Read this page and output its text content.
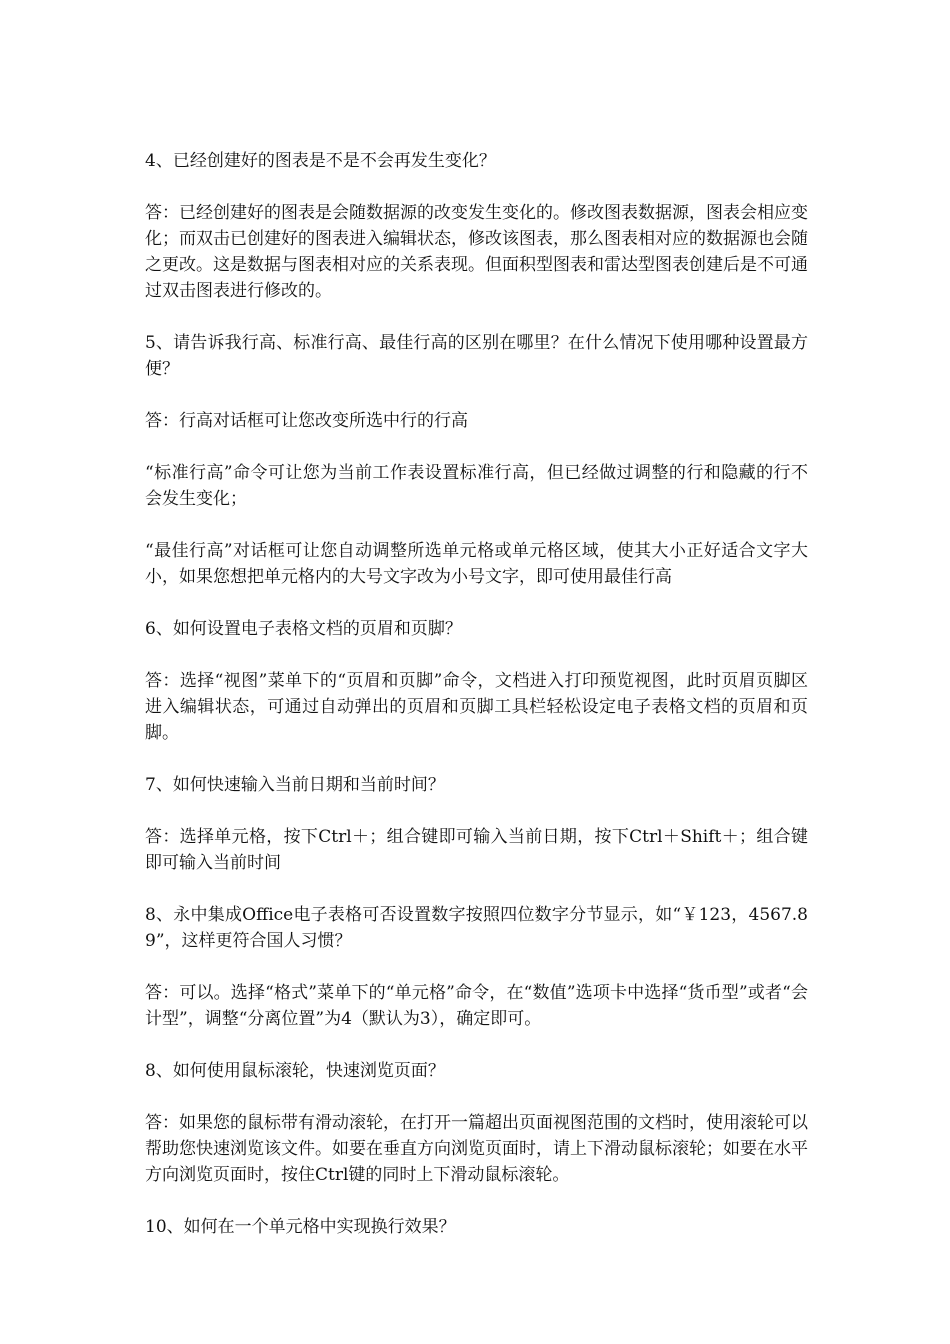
4、已经创建好的图表是不是不会再发生变化？

答：已经创建好的图表是会随数据源的改变发生变化的。修改图表数据源，图表会相应变化；而双击已创建好的图表进入编辑状态，修改该图表，那么图表相对应的数据源也会随之更改。这是数据与图表相对应的关系表现。但面积型图表和雷达型图表创建后是不可通过双击图表进行修改的。

5、请告诉我行高、标准行高、最佳行高的区别在哪里？在什么情况下使用哪种设置最方便？

答：行高对话框可让您改变所选中行的行高

“标准行高”命令可让您为当前工作表设置标准行高，但已经做过调整的行和隐藏的行不会发生变化；

“最佳行高”对话框可让您自动调整所选单元格或单元格区域，使其大小正好适合文字大小，如果您想把单元格内的大号文字改为小号文字，即可使用最佳行高

6、如何设置电子表格文档的页眉和页脚？

答：选择“视图”菜单下的“页眉和页脚”命令，文档进入打印预览视图，此时页眉页脚区进入编辑状态，可通过自动弹出的页眉和页脚工具栏轻松设定电子表格文档的页眉和页脚。

7、如何快速输入当前日期和当前时间？

答：选择单元格，按下Ctrl＋；组合键即可输入当前日期，按下Ctrl＋Shift＋；组合键即可输入当前时间

8、永中集成Office电子表格可否设置数字按照四位数字分节显示，如“￥123，4567.89”，这样更符合国人习惯？

答：可以。选择“格式”菜单下的“单元格”命令，在“数值”选项卡中选择“货币型”或者“会计型”，调整“分离位置”为4（默认为3），确定即可。

8、如何使用鼠标滚轮，快速浏览页面？

答：如果您的鼠标带有滑动滚轮，在打开一篇超出页面视图范围的文档时，使用滚轮可以帮助您快速浏览该文件。如要在垂直方向浏览页面时，请上下滑动鼠标滚轮；如要在水平方向浏览页面时，按住Ctrl键的同时上下滑动鼠标滚轮。

10、如何在一个单元格中实现换行效果？
